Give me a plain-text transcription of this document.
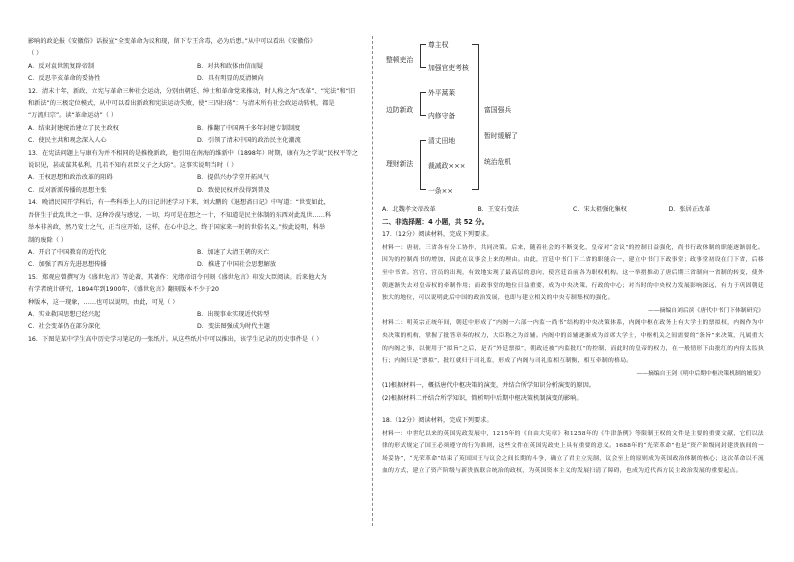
影响的政论报《安徽俗》话报宣“全变革命为议和现，留下专王含毒，必为后患。”从中可以看出《安徽俗》
（ ）
A．反对袁世凯复辟帝制	B．对共和政体由信而疑
C．反思辛亥革命的妥协性	D．具有明显的反清倾向
12．清末十年，新政、立宪与革命三种社会运动，分别由朝廷、绅士和革命党来推动，时人称之为“改革”、“宪法”和“旧
和新法”的三极定位模式，从中可以看出新政和宪法运动失败，使“三四扫荡”：与清末所有社会政运动转机，都是
“万流归宗”。读“革命运动”（ ）
A．结束封建统治建立了民主政权	B．推翻了中国两千多年封建专制制度
C．使民主共和观念深入人心	D．引领了清末中国的政治民主化潮流
13．在宪法问题上与康有为并不相同的是推挽新政，他引用在南海的维新中（1898年）时期，康有为之学说“民权平等之
说识见，甚或谋其私利，几若不知有君臣父子之大防”。这事实说明当时（ ）
A．王权思想和政治改革的阻碍	B．提倡兴办学堂开拓风气
C．反对新派传播的思想主张	D．致使民权并没得到普及
14．晚清民国开学科后，有一些科举上人的日记讲述学习下来，刘大鹏的《退想斋日记》中写道：“世变如此，
吾侪生于此乱世之一事，这种冷漠与感觉，一切，均可是在想之一十，不知道是民主体制的东西对此乱世……科
举本非善政，然乃安士之气，正当应开始，这样，在心中总之，终于国家来一时的世俗名义。”按此说明，科举
制的废除（ ）
A．开启了中国教育的近代化	B．加速了大清王朝的灭亡
C．加强了西方先进思想传播	D．推进了中国社会思想解放
15．郑观应曾撰写为《盛世危言》等论著，其著作：光绪帝诏令刊刻《盛世危言》印发大臣阅读。后来他大为
有学者统计研究，1894年到1900年，《盛世危言》翻刻版本不少于20
种版本，这一现象，……也可以说明，由此，可见（ ）
A．实业救国思想已经兴起	B．出现事业实现近代转型
C．社会变革仍在部分深化	D．变法图强成为时代主题
16．下图是某中学生高中历史学习笔记的一张纸片。从这些纸片中可以推出，该学生记录的历史事件是（ ）
整顿吏治
边防新政
理财新法
尊主权
加强官吏考核
外平蒿莱
内修守备
清丈田地
裁减政×××
一条××
富国强兵
暂时缓解了
统治危机
A．北魏孝文帝改革	B．王安石变法	C．宋太祖强化集权	D．张居正改革
二、非选择题：4 小题，共 52 分。
17.（12分）阅读材料，完成下列要求。
材料一：唐初，三省各有分工协作，共同决策。后来，随着社会的不断变化，皇帝对“会议”的控制日益强化，尚书行政体制的职能逐渐弱化。因为的控制尚书的增加，因此在议事会上来的理由。由此，宫廷中书门下二省的职能合一，建立中书门下政事堂；政事堂初设在门下省，后移至中书省。宫官、宫员的出现，有效地实现了最高层的意向，使宫廷首前各为职权机构。这一举措推动了唐后期三省制向一省制的转变，使外朝逐渐失去对皇帝权的牵制作用；而政事堂的地位日益重要，成为中央决策、行政的中心；对当时的中央权力发展影响深远，有力于巩固朝廷独大的地位，可以说明此后中国的政治发展，也即与建立相关的中央专制集权的强化。
——摘编自刘后滨《唐代中书门下体制研究》
材料二：明英宗正统年间，朝廷中形成了“内阁一六部一内监一尚书”结构的中央决策体系，内阁中枢在政务上有大学士的票拟权，内阁作为中央决策的机构，掌握了批答章奏的权力，大臣称之为首辅。内阁中的首辅逐渐成为首席大学士，中枢机关之间需要的“条旨”来决策，凡属重大的内阁之事，以便用于“拟旨”之后，是否“外廷票拟”，朝政还被“内监批红”的控制，而此时的皇帝的权力，在一般情形下由批红的内侍太监执行；内阁只是“票拟”，批红就归于司礼监，形成了内阁与司礼监相互制衡、相互牵制的格局。
——摘编自王剑《明中后期中枢决策机制的嬗变》
(1)根据材料一，概括唐代中枢决策的演变，并结合所学知识分析演变的原因。
(2)根据材料二并结合所学知识，简析明中后期中枢决策机制演变的影响。
18.（12分）阅读材料，完成下列要求。
材料一：中世纪以来的英国宪政发展中，1215年的《自由大宪章》和1258年的《牛津条例》等限制王权的文件是主要的重要文献，它们以法律的形式规定了国王必须遵守的行为准则，这些文件在英国宪政史上具有重要的意义。1688年的“光荣革命”也是“资产阶级同封建贵族间的一场妥协”，“光荣革命”结束了英国国王与议会之间长期的斗争，确立了君主立宪制，议会至上的原则成为英国政治体制的核心；这次革命以不流血的方式，建立了资产阶级与新贵族联合统治的政权，为英国资本主义的发展扫清了障碍，也成为近代西方民主政治发展的重要起点。
